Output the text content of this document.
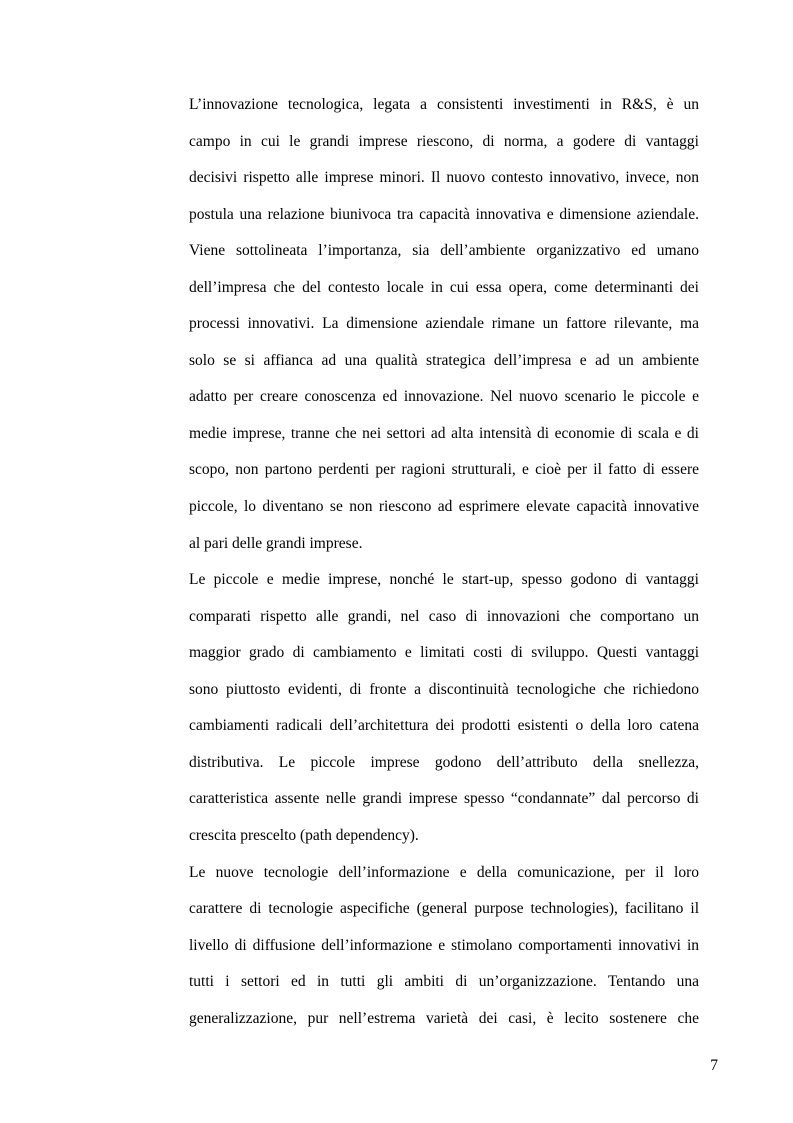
L’innovazione tecnologica, legata a consistenti investimenti in R&S, è un
campo in cui le grandi imprese riescono, di norma, a godere di vantaggi
decisivi rispetto alle imprese minori. Il nuovo contesto innovativo, invece, non
postula una relazione biunivoca tra capacità innovativa e dimensione aziendale.
Viene sottolineata l’importanza, sia dell’ambiente organizzativo ed umano
dell’impresa che del contesto locale in cui essa opera, come determinanti dei
processi innovativi. La dimensione aziendale rimane un fattore rilevante, ma
solo se si affianca ad una qualità strategica dell’impresa e ad un ambiente
adatto per creare conoscenza ed innovazione. Nel nuovo scenario le piccole e
medie imprese, tranne che nei settori ad alta intensità di economie di scala e di
scopo, non partono perdenti per ragioni strutturali, e cioè per il fatto di essere
piccole, lo diventano se non riescono ad esprimere elevate capacità innovative
al pari delle grandi imprese.
Le piccole e medie imprese, nonché le start-up, spesso godono di vantaggi
comparati rispetto alle grandi, nel caso di innovazioni che comportano un
maggior grado di cambiamento e limitati costi di sviluppo. Questi vantaggi
sono piuttosto evidenti, di fronte a discontinuità tecnologiche che richiedono
cambiamenti radicali dell’architettura dei prodotti esistenti o della loro catena
distributiva. Le piccole imprese godono dell’attributo della snellezza,
caratteristica assente nelle grandi imprese spesso “condannate” dal percorso di
crescita prescelto (path dependency).
Le nuove tecnologie dell’informazione e della comunicazione, per il loro
carattere di tecnologie aspecifiche (general purpose technologies), facilitano il
livello di diffusione dell’informazione e stimolano comportamenti innovativi in
tutti i settori ed in tutti gli ambiti di un’organizzazione. Tentando una
generalizzazione, pur nell’estrema varietà dei casi, è lecito sostenere che
7
